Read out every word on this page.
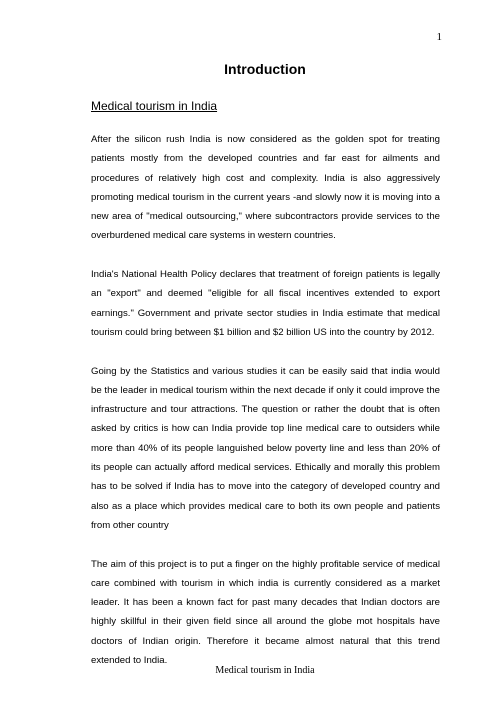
1
Introduction
Medical tourism in India

After the silicon rush India is now considered as the golden spot for treating patients mostly from the developed countries and far east for ailments and procedures of relatively high cost and complexity. India is also aggressively promoting medical tourism in the current years -and slowly now it is moving into a new area of "medical outsourcing," where subcontractors provide services to the overburdened medical care systems in western countries.

India's National Health Policy declares that treatment of foreign patients is legally an "export" and deemed "eligible for all fiscal incentives extended to export earnings." Government and private sector studies in India estimate that medical tourism could bring between $1 billion and $2 billion US into the country by 2012.

Going by the Statistics and various studies it can be easily said that india would be the leader in medical tourism within the next decade if only it could improve the infrastructure and tour attractions. The question or rather the doubt that is often asked by critics is how can India provide top line medical care to outsiders while more than 40% of its people languished below poverty line and less than 20% of its people can actually afford medical services. Ethically and morally this problem has to be solved if India has to move into the category of developed country and also as a place which provides medical care to both its own people and patients from other country

The aim of this project is to put a finger on the highly profitable service of medical care combined with tourism in which india is currently considered as a market leader. It has been a known fact for past many decades that Indian doctors are highly skillful in their given field since all around the globe mot hospitals have doctors of Indian origin. Therefore it became almost natural that this trend extended to India.

Medical tourism in India
